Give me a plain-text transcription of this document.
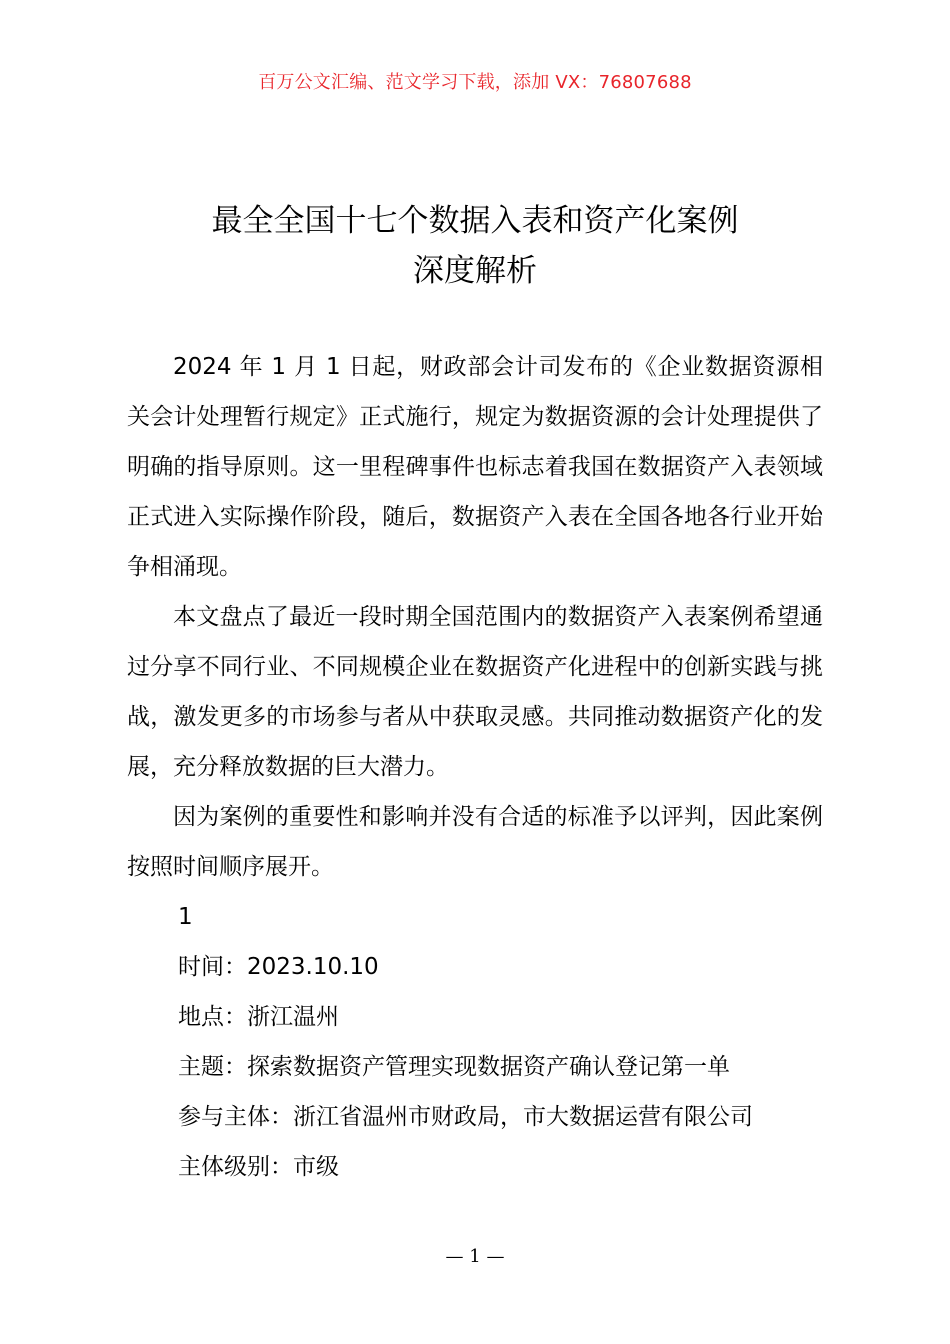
百万公文汇编、范文学习下载，添加 VX：76807688
最全全国十七个数据入表和资产化案例
深度解析

2024 年 1 月 1 日起，财政部会计司发布的《企业数据资源相关会计处理暂行规定》正式施行，规定为数据资源的会计处理提供了明确的指导原则。这一里程碑事件也标志着我国在数据资产入表领域正式进入实际操作阶段，随后，数据资产入表在全国各地各行业开始争相涌现。

本文盘点了最近一段时期全国范围内的数据资产入表案例希望通过分享不同行业、不同规模企业在数据资产化进程中的创新实践与挑战，激发更多的市场参与者从中获取灵感。共同推动数据资产化的发展，充分释放数据的巨大潜力。

因为案例的重要性和影响并没有合适的标准予以评判，因此案例按照时间顺序展开。

1
时间：2023.10.10
地点：浙江温州
主题：探索数据资产管理实现数据资产确认登记第一单
参与主体：浙江省温州市财政局，市大数据运营有限公司
主体级别：市级
— 1 —
